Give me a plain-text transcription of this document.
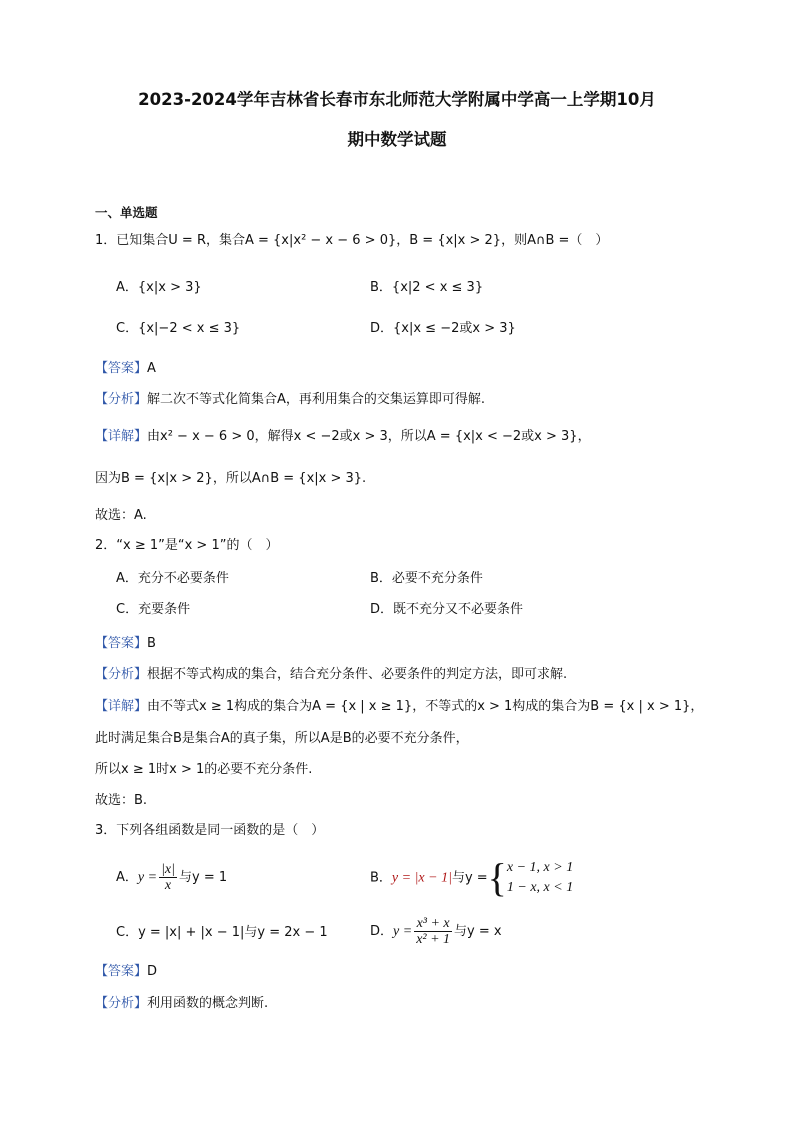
2023-2024学年吉林省长春市东北师范大学附属中学高一上学期10月
期中数学试题
一、单选题
1．已知集合U = R，集合A = {x|x² − x − 6 > 0}，B = {x|x > 2}，则A∩B =（　）
A．{x|x > 3}	B．{x|2 < x ≤ 3}
C．{x|−2 < x ≤ 3}	D．{x|x ≤ −2或x > 3}
【答案】A
【分析】解二次不等式化简集合A，再利用集合的交集运算即可得解.
【详解】由x² − x − 6 > 0，解得x < −2或x > 3，所以A = {x|x < −2或x > 3}，
因为B = {x|x > 2}，所以A∩B = {x|x > 3}.
故选：A.
2．“x ≥ 1”是“x > 1”的（　）
A．充分不必要条件	B．必要不充分条件
C．充要条件	D．既不充分又不必要条件
【答案】B
【分析】根据不等式构成的集合，结合充分条件、必要条件的判定方法，即可求解.
【详解】由不等式x ≥ 1构成的集合为A = {x | x ≥ 1}，不等式的x > 1构成的集合为B = {x | x > 1}，
此时满足集合B是集合A的真子集，所以A是B的必要不充分条件，
所以x ≥ 1时x > 1的必要不充分条件.
故选：B.
3．下列各组函数是同一函数的是（　）
A．$y = \frac{|x|}{x}$ 与y = 1	B．y = |x − 1|与y ={ x − 1, x > 1
1 − x, x < 1
C．y = |x| + |x − 1|与y = 2x − 1	D．$y = \frac{\text{x³ + x}}{\text{x² + 1}}$ 与y = x
【答案】D
【分析】利用函数的概念判断.
